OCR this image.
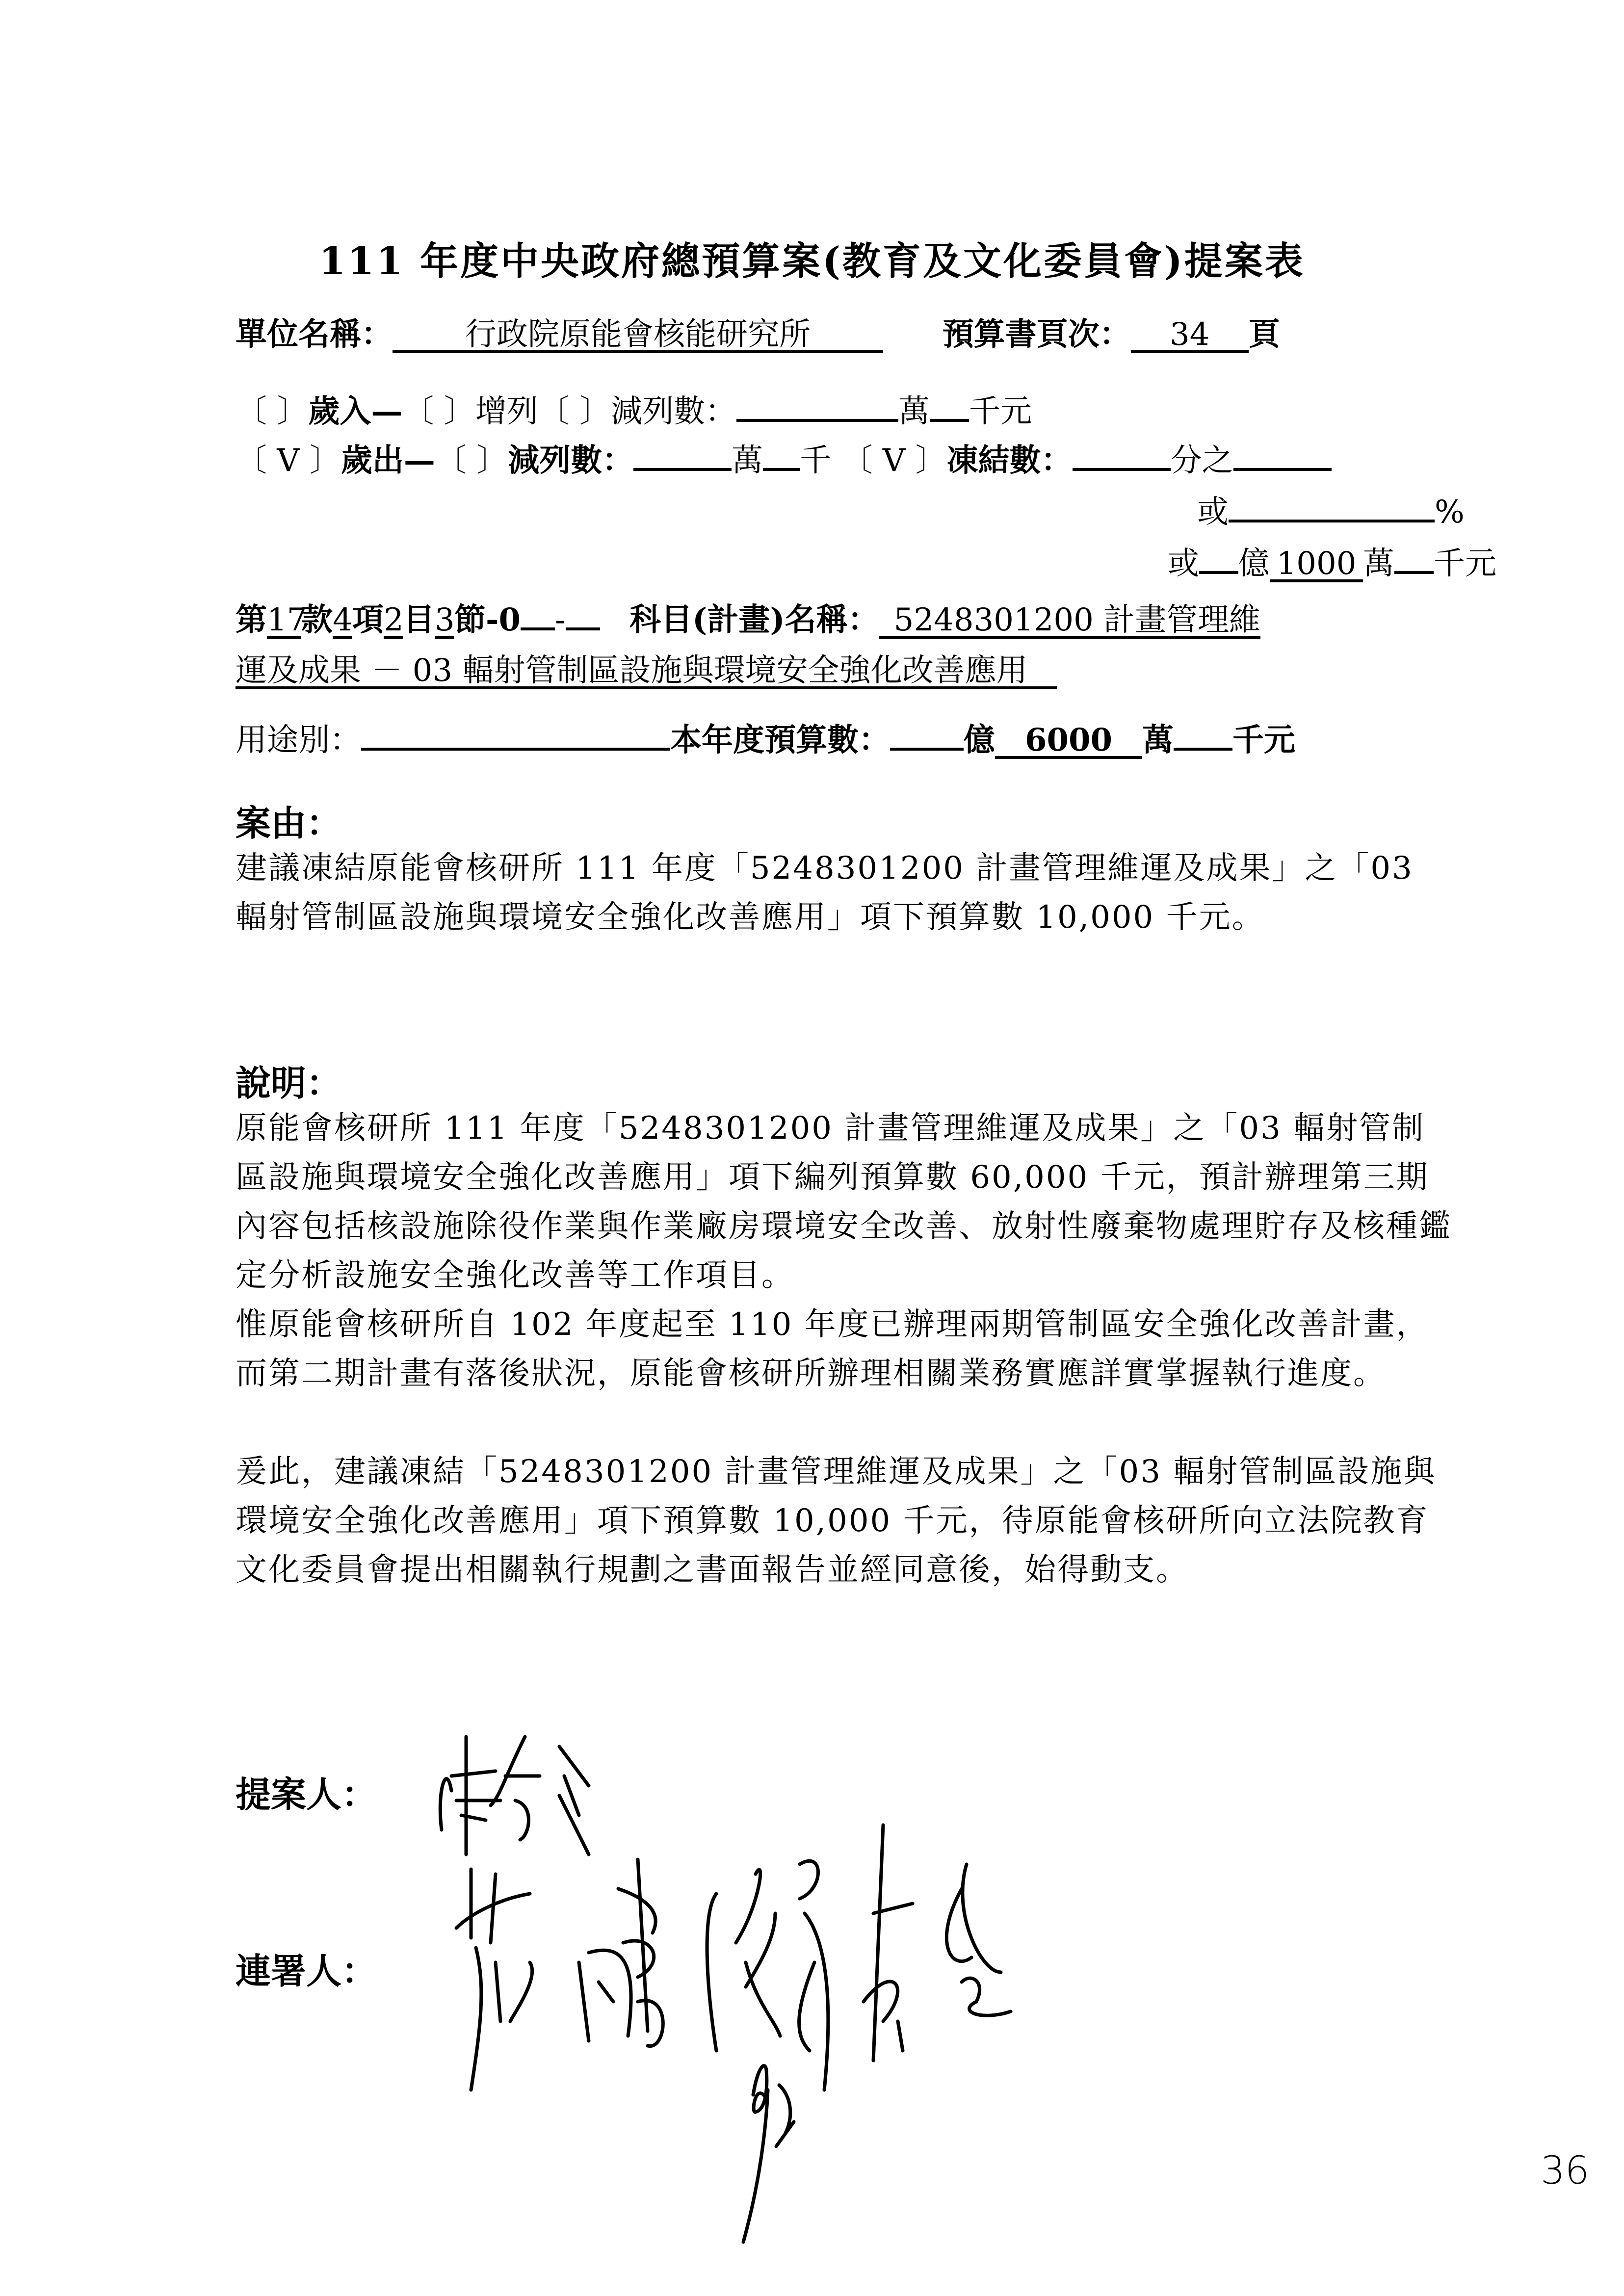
111 年度中央政府總預算案(教育及文化委員會)提案表
單位名稱： 行政院原能會核能研究所	預算書頁次： 34 頁
〔 〕歲入—〔 〕增列〔 〕減列數：	萬 千元
〔 V 〕歲出—〔 〕減列數：	萬 千 〔 V 〕凍結數：	分之
或	%
或 億 1000 萬 千元
第17款4項2目3節-0 - 科目(計畫)名稱： 5248301200 計畫管理維
運及成果 － 03 輻射管制區設施與環境安全強化改善應用
用途別：	本年度預算數： 億 6000 萬 千元
案由：
建議凍結原能會核研所 111 年度「5248301200 計畫管理維運及成果」之「03 輻射管制區設施與環境安全強化改善應用」項下預算數 10,000 千元。
說明：
原能會核研所 111 年度「5248301200 計畫管理維運及成果」之「03 輻射管制區設施與環境安全強化改善應用」項下編列預算數 60,000 千元，預計辦理第三期內容包括核設施除役作業與作業廠房環境安全改善、放射性廢棄物處理貯存及核種鑑定分析設施安全強化改善等工作項目。
惟原能會核研所自 102 年度起至 110 年度已辦理兩期管制區安全強化改善計畫，而第二期計畫有落後狀況，原能會核研所辦理相關業務實應詳實掌握執行進度。
爰此，建議凍結「5248301200 計畫管理維運及成果」之「03 輻射管制區設施與環境安全強化改善應用」項下預算數 10,000 千元，待原能會核研所向立法院教育文化委員會提出相關執行規劃之書面報告並經同意後，始得動支。
提案人：
連署人：
36
